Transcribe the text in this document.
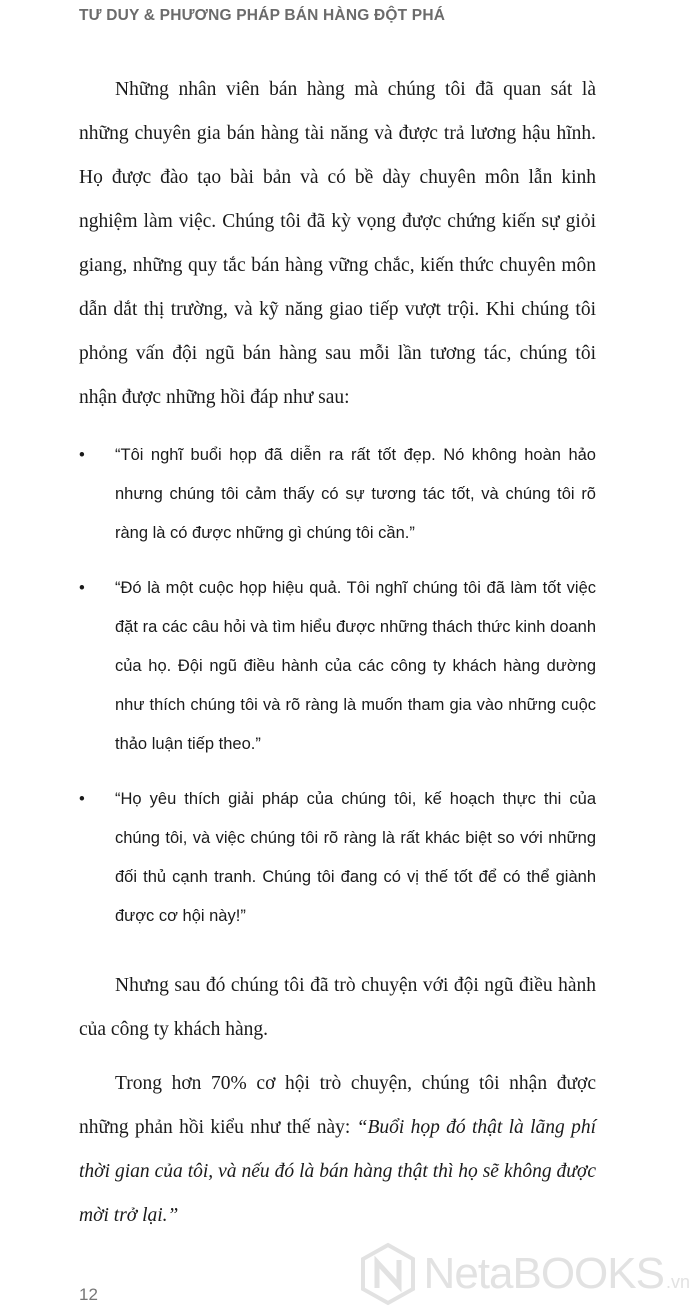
TƯ DUY & PHƯƠNG PHÁP BÁN HÀNG ĐỘT PHÁ

Những nhân viên bán hàng mà chúng tôi đã quan sát là những chuyên gia bán hàng tài năng và được trả lương hậu hĩnh. Họ được đào tạo bài bản và có bề dày chuyên môn lẫn kinh nghiệm làm việc. Chúng tôi đã kỳ vọng được chứng kiến sự giỏi giang, những quy tắc bán hàng vững chắc, kiến thức chuyên môn dẫn dắt thị trường, và kỹ năng giao tiếp vượt trội. Khi chúng tôi phỏng vấn đội ngũ bán hàng sau mỗi lần tương tác, chúng tôi nhận được những hồi đáp như sau:

• “Tôi nghĩ buổi họp đã diễn ra rất tốt đẹp. Nó không hoàn hảo nhưng chúng tôi cảm thấy có sự tương tác tốt, và chúng tôi rõ ràng là có được những gì chúng tôi cần.”
• “Đó là một cuộc họp hiệu quả. Tôi nghĩ chúng tôi đã làm tốt việc đặt ra các câu hỏi và tìm hiểu được những thách thức kinh doanh của họ. Đội ngũ điều hành của các công ty khách hàng dường như thích chúng tôi và rõ ràng là muốn tham gia vào những cuộc thảo luận tiếp theo.”
• “Họ yêu thích giải pháp của chúng tôi, kế hoạch thực thi của chúng tôi, và việc chúng tôi rõ ràng là rất khác biệt so với những đối thủ cạnh tranh. Chúng tôi đang có vị thế tốt để có thể giành được cơ hội này!”

Nhưng sau đó chúng tôi đã trò chuyện với đội ngũ điều hành của công ty khách hàng.

Trong hơn 70% cơ hội trò chuyện, chúng tôi nhận được những phản hồi kiểu như thế này: “Buổi họp đó thật là lãng phí thời gian của tôi, và nếu đó là bán hàng thật thì họ sẽ không được mời trở lại.”

12	NetaBOOKS .vn
